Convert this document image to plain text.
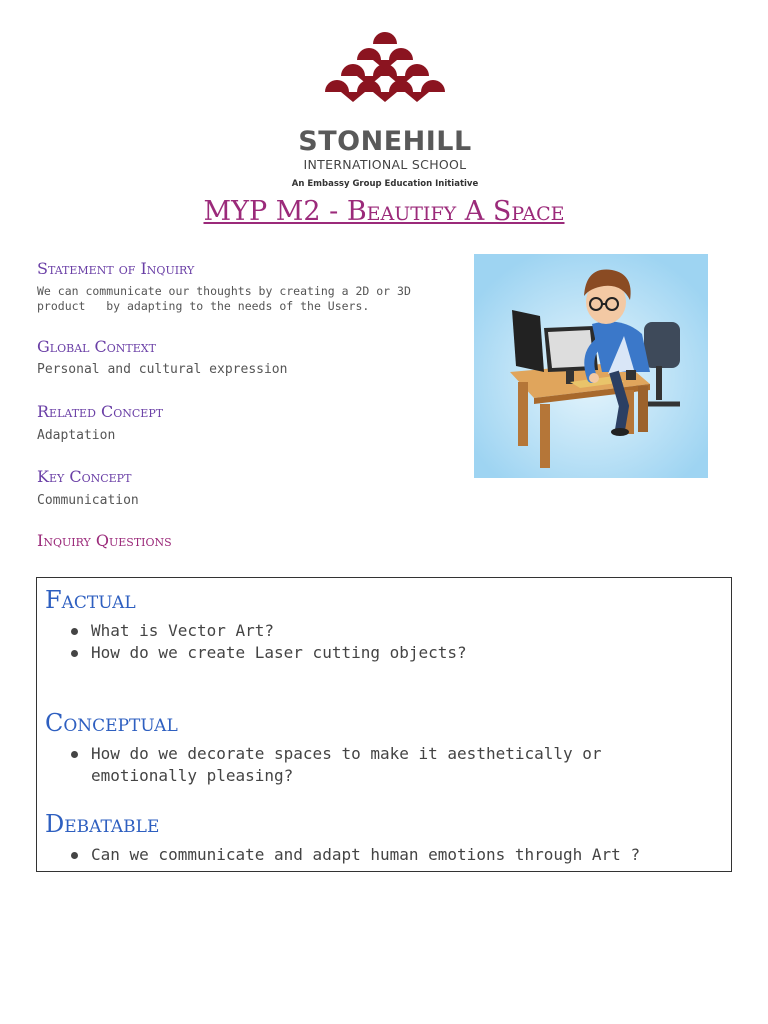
STONEHILL
INTERNATIONAL SCHOOL
An Embassy Group Education Initiative
MYP M2 - Beautify A Space
Statement of Inquiry
We can communicate our thoughts by creating a 2D or 3D
product   by adapting to the needs of the Users.
Global Context
Personal and cultural expression
Related Concept
Adaptation
Key Concept
Communication
Inquiry Questions
Factual
What is Vector Art?
How do we create Laser cutting objects?
Conceptual
How do we decorate spaces to make it aesthetically or emotionally pleasing?
Debatable
Can we communicate and adapt human emotions through Art ?
